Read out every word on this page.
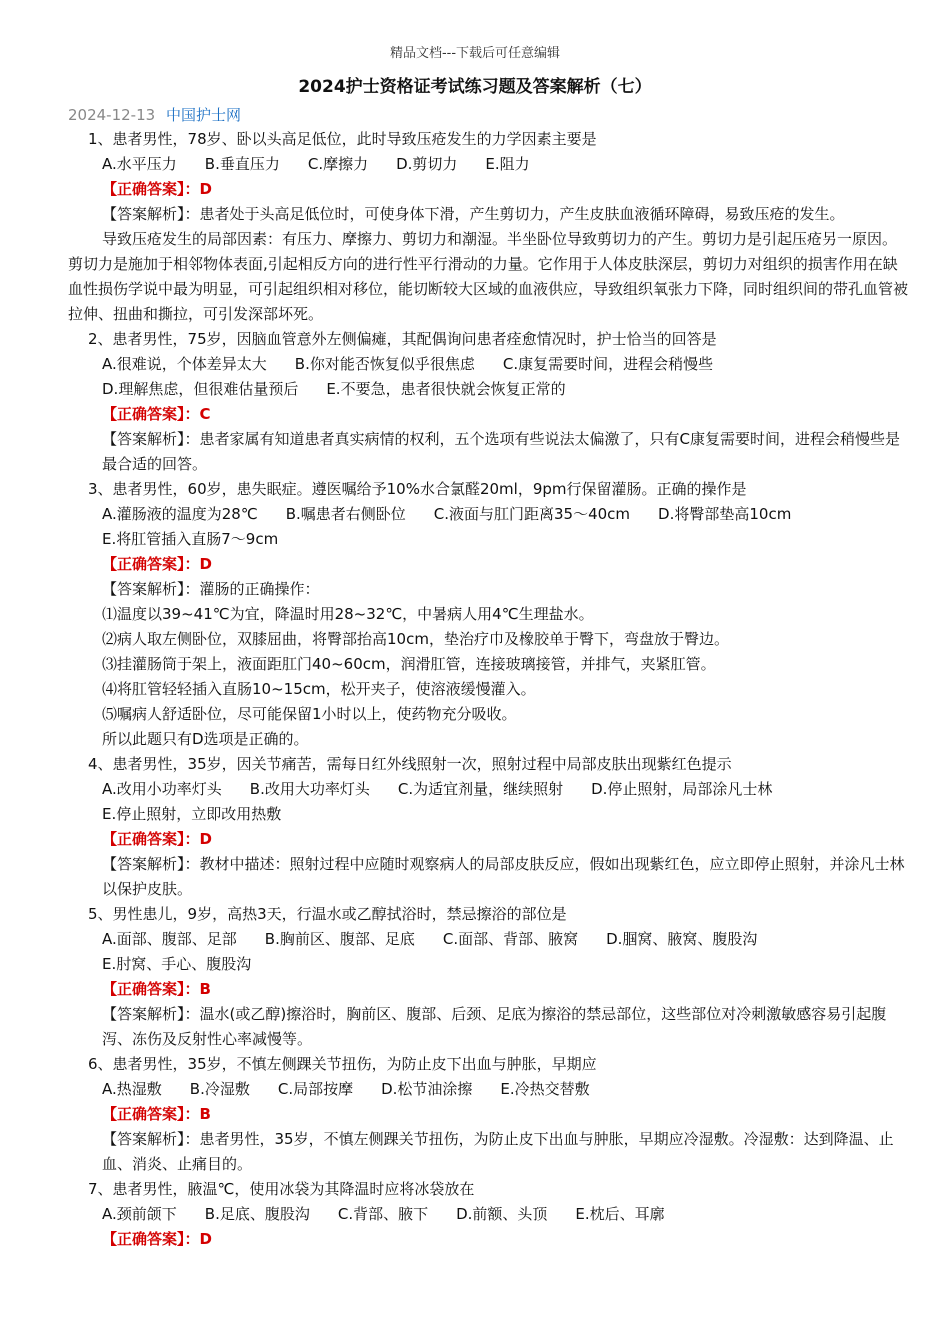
精品文档---下载后可任意编辑
2024护士资格证考试练习题及答案解析（七）
2024-12-13 中国护士网

1、患者男性，78岁、卧以头高足低位，此时导致压疮发生的力学因素主要是

A.水平压力 B.垂直压力 C.摩擦力 D.剪切力 E.阻力

【正确答案】：D

【答案解析】：患者处于头高足低位时，可使身体下滑，产生剪切力，产生皮肤血液循环障碍，易致压疮的发生。

导致压疮发生的局部因素：有压力、摩擦力、剪切力和潮湿。半坐卧位导致剪切力的产生。剪切力是引起压疮另一原因。剪切力是施加于相邻物体表面,引起相反方向的进行性平行滑动的力量。它作用于人体皮肤深层，剪切力对组织的损害作用在缺血性损伤学说中最为明显，可引起组织相对移位，能切断较大区域的血液供应，导致组织氧张力下降，同时组织间的带孔血管被拉伸、扭曲和撕拉，可引发深部坏死。

2、患者男性，75岁，因脑血管意外左侧偏瘫，其配偶询问患者痊愈情况时，护士恰当的回答是

A.很难说，个体差异太大 B.你对能否恢复似乎很焦虑 C.康复需要时间，进程会稍慢些

D.理解焦虑，但很难估量预后 E.不要急，患者很快就会恢复正常的

【正确答案】：C

【答案解析】：患者家属有知道患者真实病情的权利，五个选项有些说法太偏激了，只有C康复需要时间，进程会稍慢些是最合适的回答。

3、患者男性，60岁，患失眠症。遵医嘱给予10%水合氯醛20ml，9pm行保留灌肠。正确的操作是

A.灌肠液的温度为28℃ B.嘱患者右侧卧位 C.液面与肛门距离35～40cm D.将臀部垫高10cm

E.将肛管插入直肠7～9cm

【正确答案】：D

【答案解析】：灌肠的正确操作：

⑴温度以39~41℃为宜，降温时用28~32℃，中暑病人用4℃生理盐水。

⑵病人取左侧卧位，双膝屈曲，将臀部抬高10cm，垫治疗巾及橡胶单于臀下，弯盘放于臀边。

⑶挂灌肠筒于架上，液面距肛门40~60cm，润滑肛管，连接玻璃接管，并排气，夹紧肛管。

⑷将肛管轻轻插入直肠10~15cm，松开夹子，使溶液缓慢灌入。

⑸嘱病人舒适卧位，尽可能保留1小时以上，使药物充分吸收。

所以此题只有D选项是正确的。

4、患者男性，35岁，因关节痛苦，需每日红外线照射一次，照射过程中局部皮肤出现紫红色提示

A.改用小功率灯头 B.改用大功率灯头 C.为适宜剂量，继续照射 D.停止照射，局部涂凡士林

E.停止照射，立即改用热敷

【正确答案】：D

【答案解析】：教材中描述：照射过程中应随时观察病人的局部皮肤反应，假如出现紫红色，应立即停止照射，并涂凡士林以保护皮肤。

5、男性患儿，9岁，高热3天，行温水或乙醇拭浴时，禁忌擦浴的部位是

A.面部、腹部、足部 B.胸前区、腹部、足底 C.面部、背部、腋窝 D.腘窝、腋窝、腹股沟

E.肘窝、手心、腹股沟

【正确答案】：B

【答案解析】：温水(或乙醇)擦浴时，胸前区、腹部、后颈、足底为擦浴的禁忌部位，这些部位对冷刺激敏感容易引起腹泻、冻伤及反射性心率减慢等。

6、患者男性，35岁，不慎左侧踝关节扭伤，为防止皮下出血与肿胀，早期应

A.热湿敷 B.冷湿敷 C.局部按摩 D.松节油涂擦 E.冷热交替敷

【正确答案】：B

【答案解析】：患者男性，35岁，不慎左侧踝关节扭伤，为防止皮下出血与肿胀，早期应冷湿敷。冷湿敷：达到降温、止血、消炎、止痛目的。

7、患者男性，腋温℃，使用冰袋为其降温时应将冰袋放在

A.颈前颌下 B.足底、腹股沟 C.背部、腋下 D.前额、头顶 E.枕后、耳廓

【正确答案】：D
